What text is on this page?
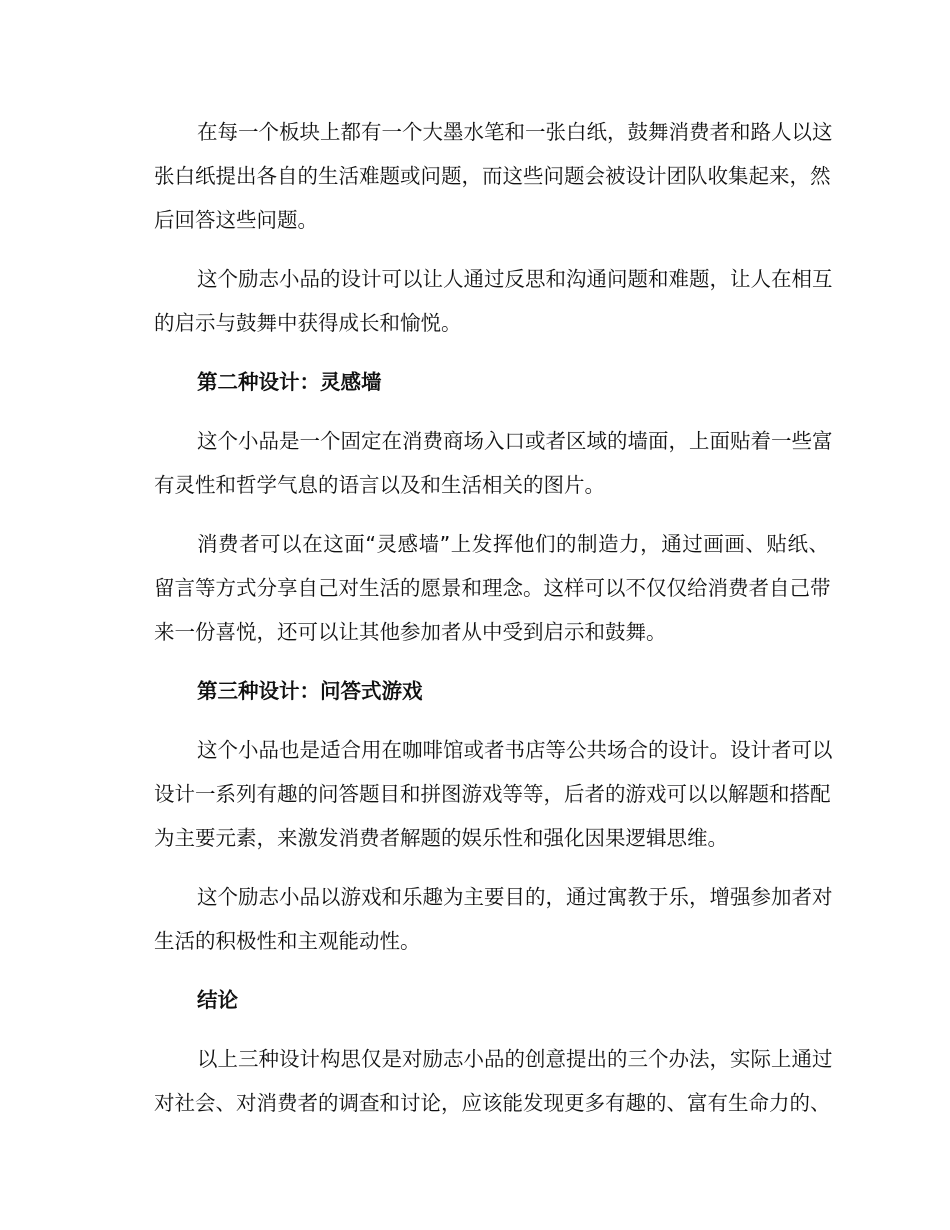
在每一个板块上都有一个大墨水笔和一张白纸，鼓舞消费者和路人以这
张白纸提出各自的生活难题或问题，而这些问题会被设计团队收集起来，然
后回答这些问题。
这个励志小品的设计可以让人通过反思和沟通问题和难题，让人在相互
的启示与鼓舞中获得成长和愉悦。
第二种设计：灵感墙
这个小品是一个固定在消费商场入口或者区域的墙面，上面贴着一些富
有灵性和哲学气息的语言以及和生活相关的图片。
消费者可以在这面“灵感墙”上发挥他们的制造力，通过画画、贴纸、
留言等方式分享自己对生活的愿景和理念。这样可以不仅仅给消费者自己带
来一份喜悦，还可以让其他参加者从中受到启示和鼓舞。
第三种设计：问答式游戏
这个小品也是适合用在咖啡馆或者书店等公共场合的设计。设计者可以
设计一系列有趣的问答题目和拼图游戏等等，后者的游戏可以以解题和搭配
为主要元素，来激发消费者解题的娱乐性和强化因果逻辑思维。
这个励志小品以游戏和乐趣为主要目的，通过寓教于乐，增强参加者对
生活的积极性和主观能动性。
结论
以上三种设计构思仅是对励志小品的创意提出的三个办法，实际上通过
对社会、对消费者的调查和讨论，应该能发现更多有趣的、富有生命力的、
